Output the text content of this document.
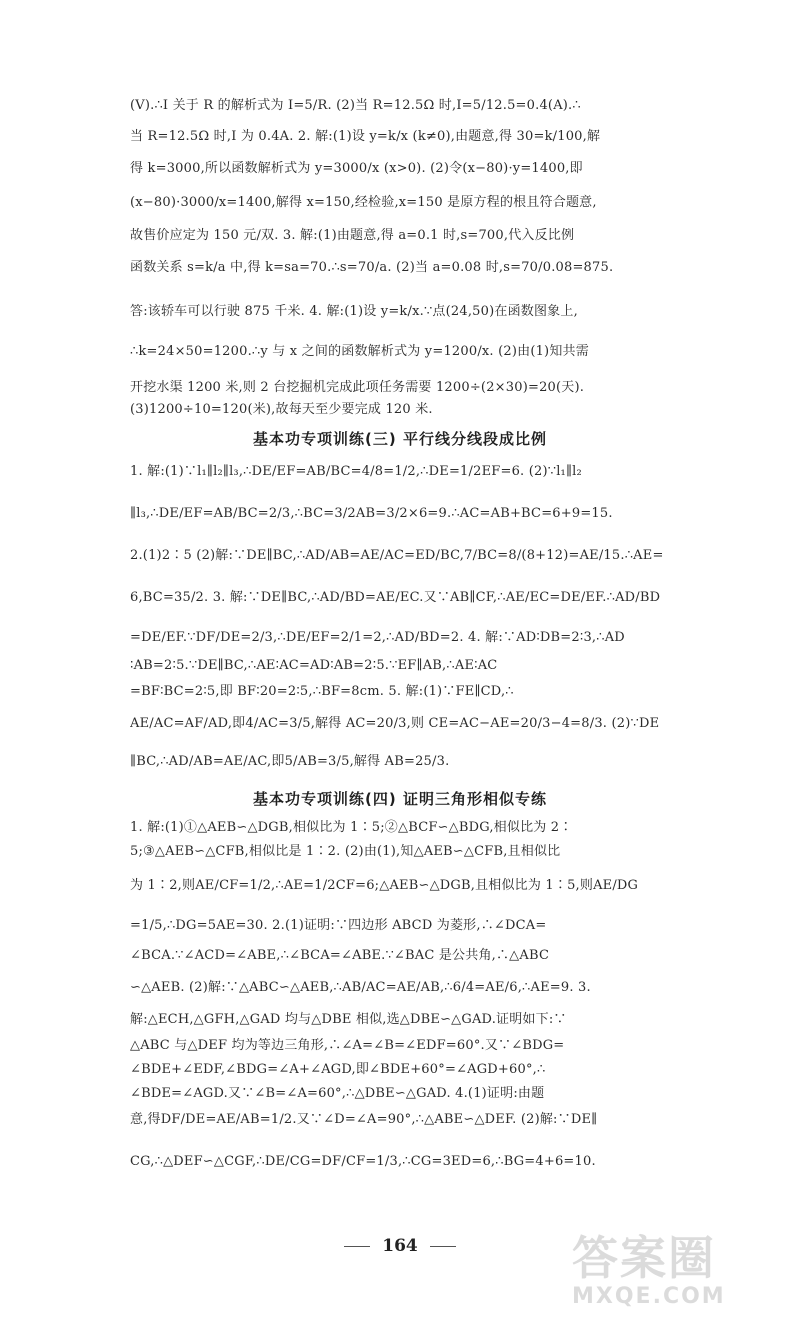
(V).∴I 关于 R 的解析式为 I=5/R. (2)当 R=12.5Ω 时,I=5/12.5=0.4(A).∴
当 R=12.5Ω 时,I 为 0.4A. 2. 解:(1)设 y=k/x (k≠0),由题意,得 30=k/100,解
得 k=3000,所以函数解析式为 y=3000/x (x>0). (2)令(x−80)·y=1400,即
(x−80)·3000/x=1400,解得 x=150,经检验,x=150 是原方程的根且符合题意,
故售价应定为 150 元/双. 3. 解:(1)由题意,得 a=0.1 时,s=700,代入反比例
函数关系 s=k/a 中,得 k=sa=70.∴s=70/a. (2)当 a=0.08 时,s=70/0.08=875.
答:该轿车可以行驶 875 千米. 4. 解:(1)设 y=k/x.∵点(24,50)在函数图象上,
∴k=24×50=1200.∴y 与 x 之间的函数解析式为 y=1200/x. (2)由(1)知共需
开挖水渠 1200 米,则 2 台挖掘机完成此项任务需要 1200÷(2×30)=20(天).
(3)1200÷10=120(米),故每天至少要完成 120 米.
基本功专项训练(三) 平行线分线段成比例
1. 解:(1)∵l₁∥l₂∥l₃,∴DE/EF=AB/BC=4/8=1/2,∴DE=1/2EF=6. (2)∵l₁∥l₂
∥l₃,∴DE/EF=AB/BC=2/3,∴BC=3/2AB=3/2×6=9.∴AC=AB+BC=6+9=15.
2.(1)2∶5 (2)解:∵DE∥BC,∴AD/AB=AE/AC=ED/BC,7/BC=8/(8+12)=AE/15.∴AE=
6,BC=35/2. 3. 解:∵DE∥BC,∴AD/BD=AE/EC.又∵AB∥CF,∴AE/EC=DE/EF.∴AD/BD
=DE/EF.∵DF/DE=2/3,∴DE/EF=2/1=2,∴AD/BD=2. 4. 解:∵AD∶DB=2∶3,∴AD
∶AB=2∶5.∵DE∥BC,∴AE∶AC=AD∶AB=2∶5.∵EF∥AB,∴AE∶AC
=BF∶BC=2∶5,即 BF∶20=2∶5,∴BF=8cm. 5. 解:(1)∵FE∥CD,∴
AE/AC=AF/AD,即4/AC=3/5,解得 AC=20/3,则 CE=AC−AE=20/3−4=8/3. (2)∵DE
∥BC,∴AD/AB=AE/AC,即5/AB=3/5,解得 AB=25/3.
基本功专项训练(四) 证明三角形相似专练
1. 解:(1)①△AEB∽△DGB,相似比为 1∶5;②△BCF∽△BDG,相似比为 2∶
5;③△AEB∽△CFB,相似比是 1∶2. (2)由(1),知△AEB∽△CFB,且相似比
为 1∶2,则AE/CF=1/2,∴AE=1/2CF=6;△AEB∽△DGB,且相似比为 1∶5,则AE/DG
=1/5,∴DG=5AE=30. 2.(1)证明:∵四边形 ABCD 为菱形,∴∠DCA=
∠BCA.∵∠ACD=∠ABE,∴∠BCA=∠ABE.∵∠BAC 是公共角,∴△ABC
∽△AEB. (2)解:∵△ABC∽△AEB,∴AB/AC=AE/AB,∴6/4=AE/6,∴AE=9. 3.
解:△ECH,△GFH,△GAD 均与△DBE 相似,选△DBE∽△GAD.证明如下:∵
△ABC 与△DEF 均为等边三角形,∴∠A=∠B=∠EDF=60°.又∵∠BDG=
∠BDE+∠EDF,∠BDG=∠A+∠AGD,即∠BDE+60°=∠AGD+60°,∴
∠BDE=∠AGD.又∵∠B=∠A=60°,∴△DBE∽△GAD. 4.(1)证明:由题
意,得DF/DE=AE/AB=1/2.又∵∠D=∠A=90°,∴△ABE∽△DEF. (2)解:∵DE∥
CG,∴△DEF∽△CGF,∴DE/CG=DF/CF=1/3,∴CG=3ED=6,∴BG=4+6=10.
164	答案圈
MXQE.COM
